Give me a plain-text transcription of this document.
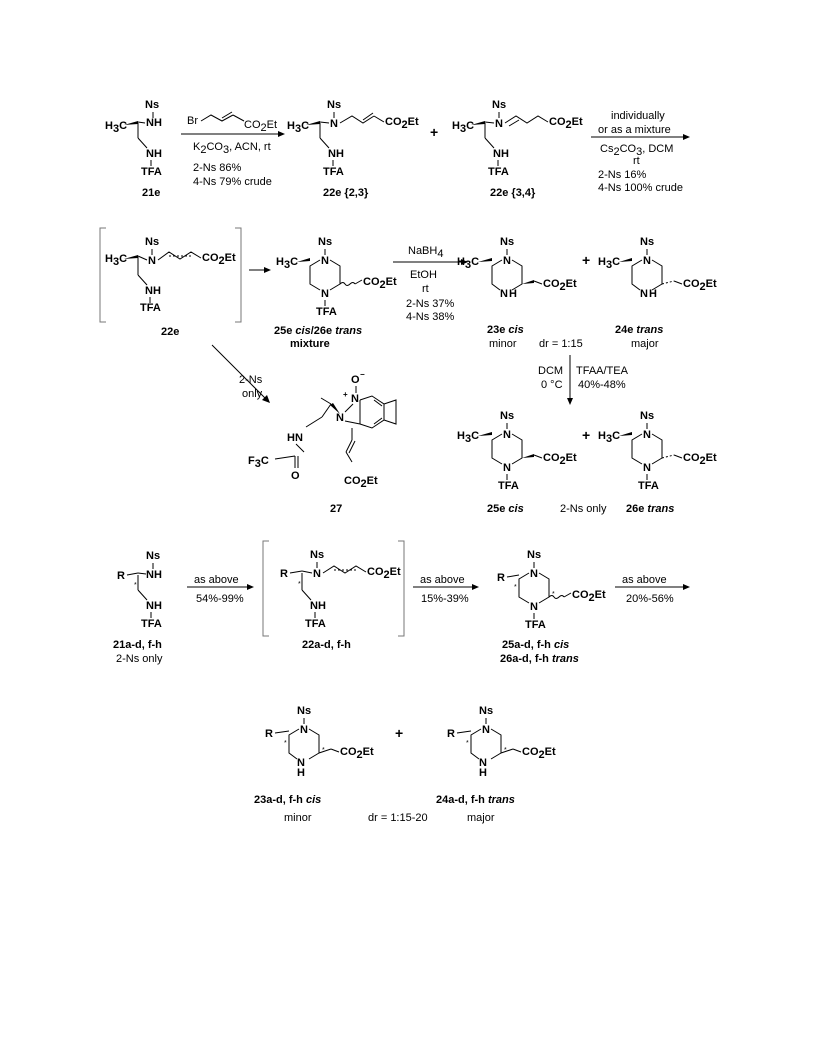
Ns
NH
H3C
NH
TFA
21e
Br	CO2Et
K2CO3, ACN, rt
2-Ns 86%
4-Ns 79% crude
Ns
N
H3C
NH
TFA
CO2Et
22e {2,3}
+
Ns
N
H3C
NH
TFA
CO2Et
22e {3,4}
individually
or as a mixture
Cs2CO3, DCM
rt
2-Ns 16%
4-Ns 100% crude
Ns
N
H3C
NH
TFA
CO2Et
22e
Ns
N
H3C
N
TFA
CO2Et
25e cis/26e trans
mixture
NaBH4
EtOH
rt
2-Ns 37%
4-Ns 38%
Ns
N
H3C
N H
CO2Et
23e cis
minor dr = 1:15
+
Ns
N
H3C
N H
CO2Et
24e trans
major
2-Ns
only
O −
N
+
N
CO2Et
HN
F3C
O
27
DCM
0 °C
TFAA/TEA
40%-48%
Ns
N
H3C
N
TFA
CO2Et
25e cis	2-Ns only
+
Ns
N
H3C
N
TFA
CO2Et
26e trans
Ns
NH
R
*
NH
TFA
21a-d, f-h
2-Ns only
as above
54%-99%
Ns
N
R
*
NH
TFA
CO2Et
22a-d, f-h
as above
15%-39%
Ns
N
R
*
*
N
TFA
CO2Et
25a-d, f-h cis
26a-d, f-h trans
as above
20%-56%
Ns
N
R
*
*
N
H
CO2Et
23a-d, f-h cis
minor	dr = 1:15-20
+
Ns
N
R
*
*
N
H
CO2Et
24a-d, f-h trans
major
